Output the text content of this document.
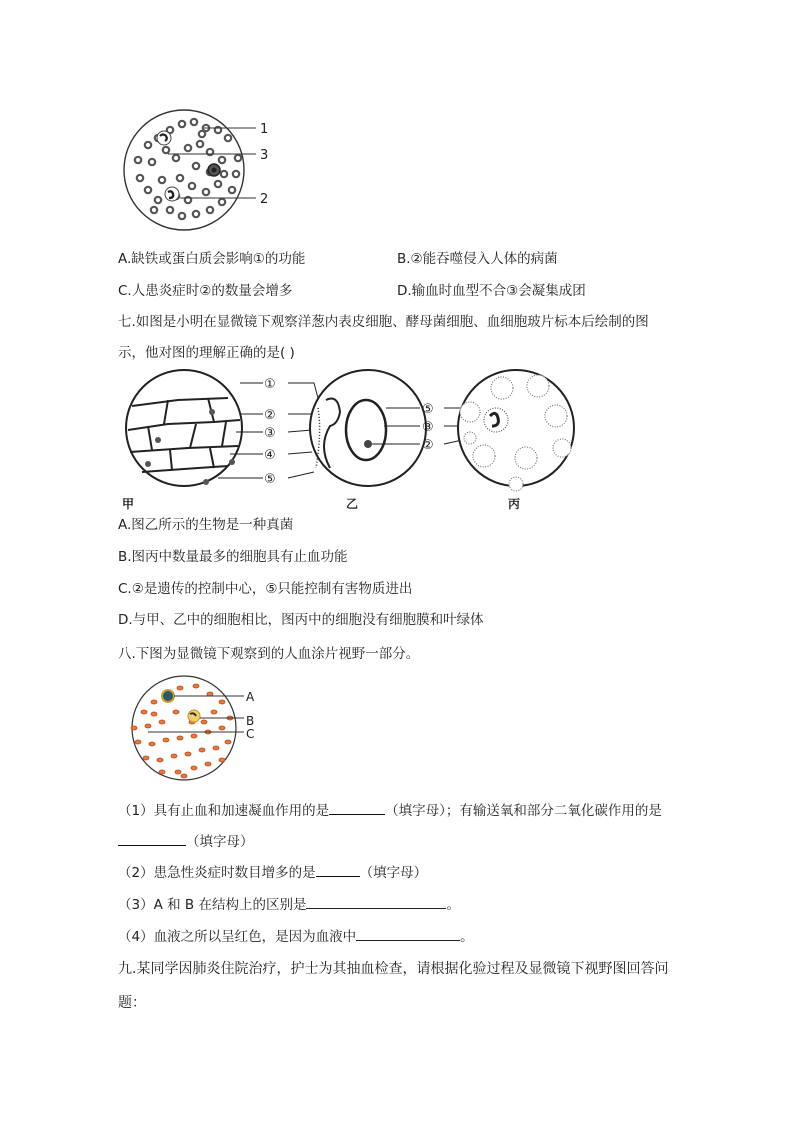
1
3
2
A.缺铁或蛋白质会影响①的功能	B.②能吞噬侵入人体的病菌
C.人患炎症时②的数量会增多	D.输血时血型不合③会凝集成团
七.如图是小明在显微镜下观察洋葱内表皮细胞、酵母菌细胞、血细胞玻片标本后绘制的图
示，他对图的理解正确的是( )
甲
①
②
③
④
⑤
乙
⑤
③
②
丙
A.图乙所示的生物是一种真菌
B.图丙中数量最多的细胞具有止血功能
C.②是遗传的控制中心，⑤只能控制有害物质进出
D.与甲、乙中的细胞相比，图丙中的细胞没有细胞膜和叶绿体
八.下图为显微镜下观察到的人血涂片视野一部分。
A
B
C
（1）具有止血和加速凝血作用的是	（填字母）；有输送氧和部分二氧化碳作用的是
（填字母）
（2）患急性炎症时数目增多的是	（填字母）
（3）A 和 B 在结构上的区别是	。
（4）血液之所以呈红色，是因为血液中	。
九.某同学因肺炎住院治疗，护士为其抽血检查，请根据化验过程及显微镜下视野图回答问
题：
